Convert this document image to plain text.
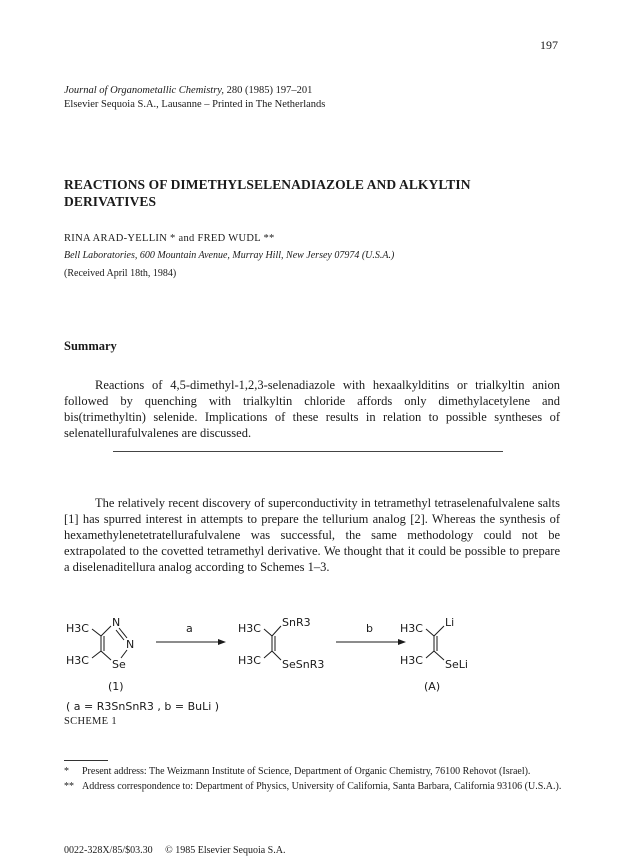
197
Journal of Organometallic Chemistry, 280 (1985) 197–201
Elsevier Sequoia S.A., Lausanne – Printed in The Netherlands
REACTIONS OF DIMETHYLSELENADIAZOLE AND ALKYLTIN
DERIVATIVES
RINA ARAD-YELLIN * and FRED WUDL **
Bell Laboratories, 600 Mountain Avenue, Murray Hill, New Jersey 07974 (U.S.A.)
(Received April 18th, 1984)
Summary
Reactions of 4,5-dimethyl-1,2,3-selenadiazole with hexaalkylditins or trialkyltin anion followed by quenching with trialkyltin chloride affords only dimethylacetylene and bis(trimethyltin) selenide. Implications of these results in relation to possible syntheses of selenatellurafulvalenes are discussed.

The relatively recent discovery of superconductivity in tetramethyl tetraselenafulvalene salts [1] has spurred interest in attempts to prepare the tellurium analog [2]. Whereas the synthesis of hexamethylenetetratellurafulvalene was successful, the same methodology could not be extrapolated to the covetted tetramethyl derivative. We thought that it could be possible to prepare a diselenaditellura analog according to Schemes 1–3.

H3C
H3C
N
N
Se
(1)
a	H3C
H3C
SnR3
SeSnR3
b H3C
H3C
Li
SeLi
(A)
( a = R3SnSnR3 , b = BuLi )
SCHEME 1
* Present address: The Weizmann Institute of Science, Department of Organic Chemistry, 76100 Rehovot (Israel).
** Address correspondence to: Department of Physics, University of California, Santa Barbara, California 93106 (U.S.A.).
0022-328X/85/$03.30     © 1985 Elsevier Sequoia S.A.
